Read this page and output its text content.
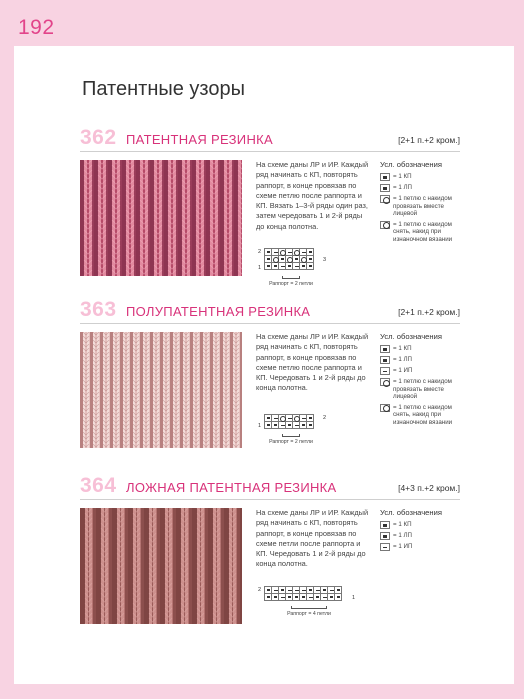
192
Патентные узоры
362 ПАТЕНТНАЯ РЕЗИНКА	[2+1 п.+2 кром.]
На схеме даны ЛР и ИР. Каждый ряд начинать с КП, повторять раппорт, в конце провязав по схеме петлю после раппорта и КП. Вязать 1–3-й ряды один раз, затем чередовать 1 и 2-й ряды до конца полотна.
2
1
3

Раппорт = 2 петли
Усл. обозначения
= 1 КП
= 1 ЛП
= 1 петлю с накидом провязать вместе лицевой
= 1 петлю с накидом снять, накид при изнаночном вязании
363 ПОЛУПАТЕНТНАЯ РЕЗИНКА	[2+1 п.+2 кром.]
На схеме даны ЛР и ИР. Каждый ряд начинать с КП, повторять раппорт, в конце провязав по схеме петлю после раппорта и КП. Чередовать 1 и 2-й ряды до конца полотна.
2
1

Раппорт = 2 петли
Усл. обозначения
= 1 КП
= 1 ЛП
= 1 ИП
= 1 петлю с накидом провязать вместе лицевой
= 1 петлю с накидом снять, накид при изнаночном вязании
364 ЛОЖНАЯ ПАТЕНТНАЯ РЕЗИНКА	[4+3 п.+2 кром.]
На схеме даны ЛР и ИР. Каждый ряд начинать с КП, повторять раппорт, в конце провязав по схеме петли после раппорта и КП. Чередовать 1 и 2-й ряды до конца полотна.
2
1

Раппорт = 4 петли
Усл. обозначения
= 1 КП
= 1 ЛП
= 1 ИП
